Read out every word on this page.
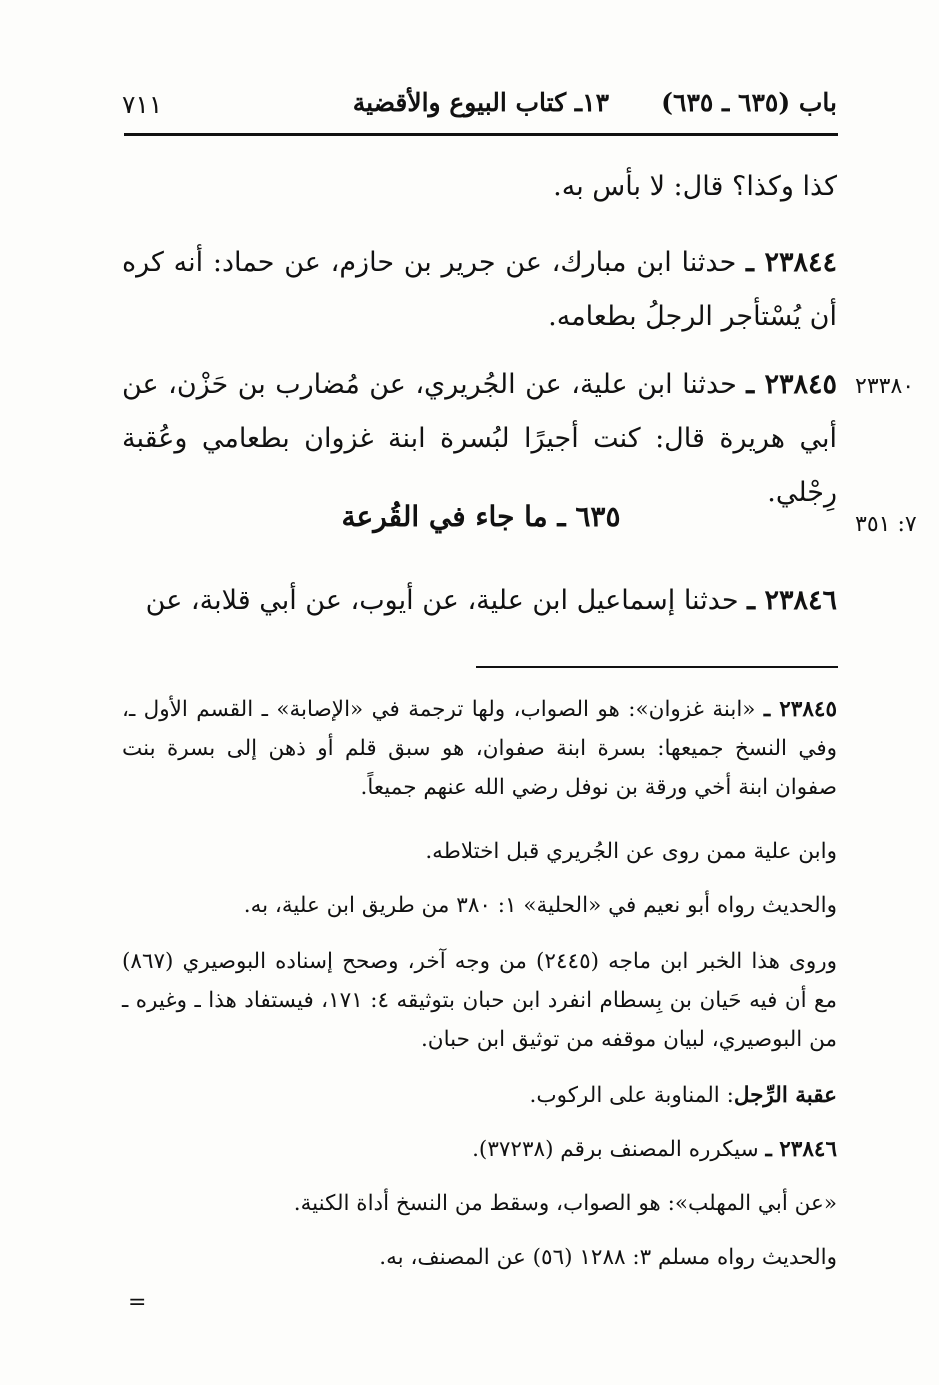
باب (٦٣٥ ـ ٦٣٥)
١٣ـ كتاب البيوع والأقضية
٧١١
كذا وكذا؟ قال: لا بأس به.
٢٣٨٤٤ ـ حدثنا ابن مبارك، عن جرير بن حازم، عن حماد: أنه كره أن يُسْتأجر الرجلُ بطعامه.
٢٣٨٤٥ ـ حدثنا ابن علية، عن الجُريري، عن مُضارب بن حَزْن، عن أبي هريرة قال: كنت أجيرًا لبُسرة ابنة غزوان بطعامي وعُقبة رِجْلي.
٢٣٣٨٠
٦٣٥ ـ ما جاء في القُرعة	٧: ٣٥١
٢٣٨٤٦ ـ حدثنا إسماعيل ابن علية، عن أيوب، عن أبي قلابة، عن
٢٣٨٤٥ ـ «ابنة غزوان»: هو الصواب، ولها ترجمة في «الإصابة» ـ القسم الأول ـ، وفي النسخ جميعها: بسرة ابنة صفوان، هو سبق قلم أو ذهن إلى بسرة بنت صفوان ابنة أخي ورقة بن نوفل رضي الله عنهم جميعاً.
وابن علية ممن روى عن الجُريري قبل اختلاطه.
والحديث رواه أبو نعيم في «الحلية» ١: ٣٨٠ من طريق ابن علية، به.
وروى هذا الخبر ابن ماجه (٢٤٤٥) من وجه آخر، وصحح إسناده البوصيري (٨٦٧) مع أن فيه حَيان بن بِسطام انفرد ابن حبان بتوثيقه ٤: ١٧١، فيستفاد هذا ـ وغيره ـ من البوصيري، لبيان موقفه من توثيق ابن حبان.
عقبة الرِّجل: المناوبة على الركوب.
٢٣٨٤٦ ـ سيكرره المصنف برقم (٣٧٢٣٨).
«عن أبي المهلب»: هو الصواب، وسقط من النسخ أداة الكنية.
والحديث رواه مسلم ٣: ١٢٨٨ (٥٦) عن المصنف، به.
=
